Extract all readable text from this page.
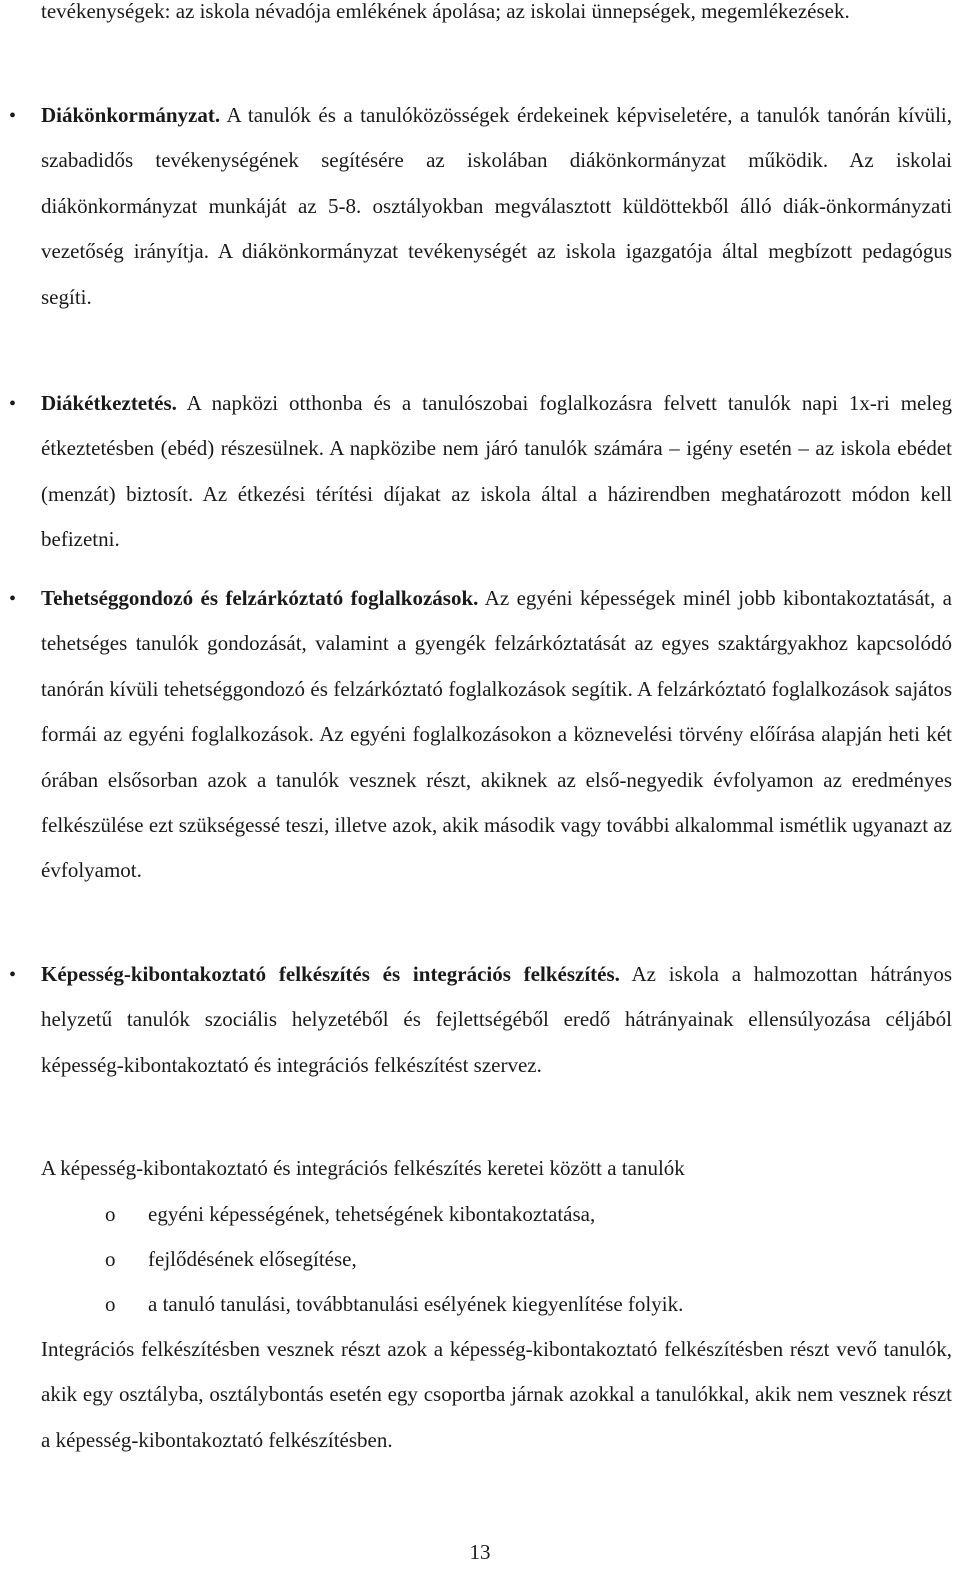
tevékenységek: az iskola névadója emlékének ápolása; az iskolai ünnepségek, megemlékezések.
•
Diákönkormányzat. A tanulók és a tanulóközösségek érdekeinek képviseletére, a tanulók tanórán kívüli, szabadidős tevékenységének segítésére az iskolában diákönkormányzat működik. Az iskolai diákönkormányzat munkáját az 5-8. osztályokban megválasztott küldöttekből álló diák-önkormányzati vezetőség irányítja. A diákönkormányzat tevékenységét az iskola igazgatója által megbízott pedagógus segíti.
•
Diákétkeztetés. A napközi otthonba és a tanulószobai foglalkozásra felvett tanulók napi 1x-ri meleg étkeztetésben (ebéd) részesülnek. A napközibe nem járó tanulók számára – igény esetén – az iskola ebédet (menzát) biztosít. Az étkezési térítési díjakat az iskola által a házirendben meghatározott módon kell befizetni.
•
Tehetséggondozó és felzárkóztató foglalkozások. Az egyéni képességek minél jobb kibontakoztatását, a tehetséges tanulók gondozását, valamint a gyengék felzárkóztatását az egyes szaktárgyakhoz kapcsolódó tanórán kívüli tehetséggondozó és felzárkóztató foglalkozások segítik. A felzárkóztató foglalkozások sajátos formái az egyéni foglalkozások. Az egyéni foglalkozásokon a köznevelési törvény előírása alapján heti két órában elsősorban azok a tanulók vesznek részt, akiknek az első-negyedik évfolyamon az eredményes felkészülése ezt szükségessé teszi, illetve azok, akik második vagy további alkalommal ismétlik ugyanazt az évfolyamot.
•
Képesség-kibontakoztató felkészítés és integrációs felkészítés. Az iskola a halmozottan hátrányos helyzetű tanulók szociális helyzetéből és fejlettségéből eredő hátrányainak ellensúlyozása céljából képesség-kibontakoztató és integrációs felkészítést szervez.
A képesség-kibontakoztató és integrációs felkészítés keretei között a tanulók
o egyéni képességének, tehetségének kibontakoztatása,
o fejlődésének elősegítése,
o a tanuló tanulási, továbbtanulási esélyének kiegyenlítése folyik.
Integrációs felkészítésben vesznek részt azok a képesség-kibontakoztató felkészítésben részt vevő tanulók, akik egy osztályba, osztálybontás esetén egy csoportba járnak azokkal a tanulókkal, akik nem vesznek részt a képesség-kibontakoztató felkészítésben.
13
